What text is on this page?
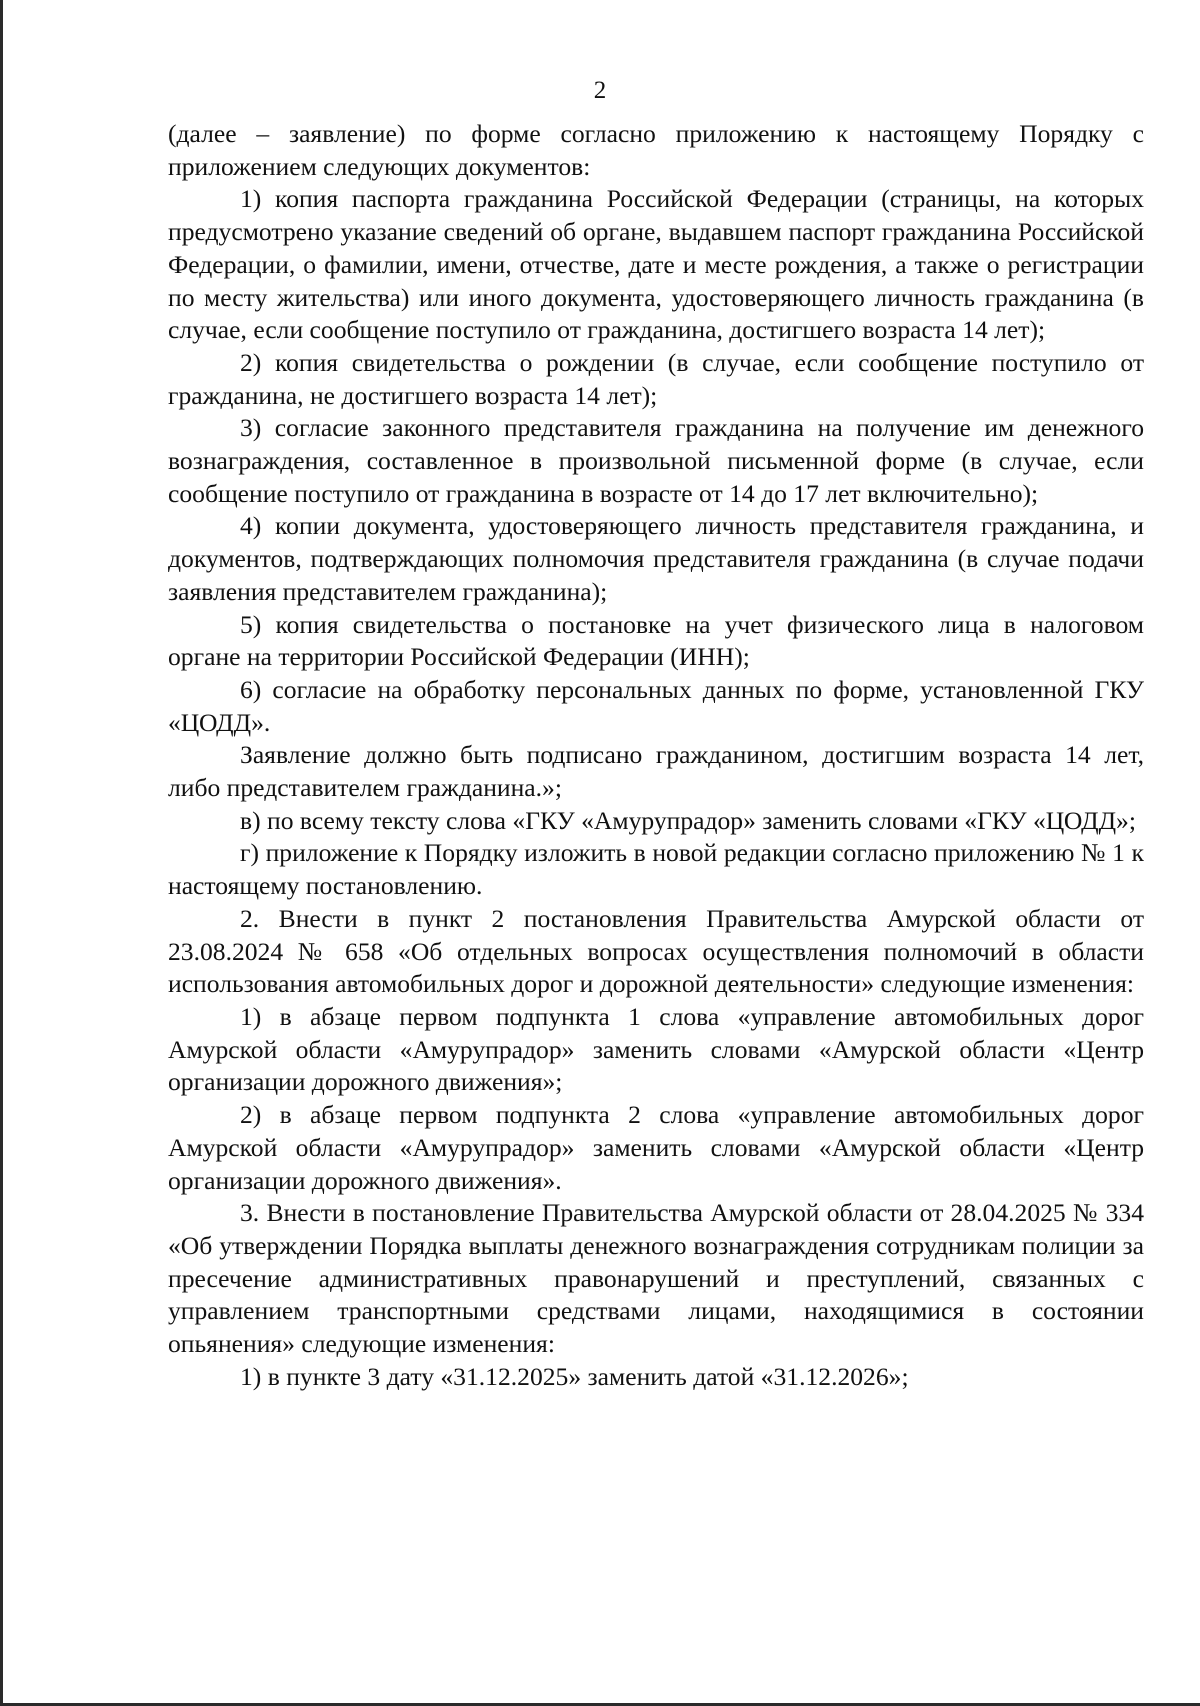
2

(далее – заявление) по форме согласно приложению к настоящему Порядку с приложением следующих документов:

1) копия паспорта гражданина Российской Федерации (страницы, на которых предусмотрено указание сведений об органе, выдавшем паспорт гражданина Российской Федерации, о фамилии, имени, отчестве, дате и месте рождения, а также о регистрации по месту жительства) или иного документа, удостоверяющего личность гражданина (в случае, если сообщение поступило от гражданина, достигшего возраста 14 лет);

2) копия свидетельства о рождении (в случае, если сообщение поступило от гражданина, не достигшего возраста 14 лет);

3) согласие законного представителя гражданина на получение им денежного вознаграждения, составленное в произвольной письменной форме (в случае, если сообщение поступило от гражданина в возрасте от 14 до 17 лет включительно);

4) копии документа, удостоверяющего личность представителя гражданина, и документов, подтверждающих полномочия представителя гражданина (в случае подачи заявления представителем гражданина);

5) копия свидетельства о постановке на учет физического лица в налоговом органе на территории Российской Федерации (ИНН);

6) согласие на обработку персональных данных по форме, установленной ГКУ «ЦОДД».

Заявление должно быть подписано гражданином, достигшим возраста 14 лет, либо представителем гражданина.»;

в) по всему тексту слова «ГКУ «Амурупрадор» заменить словами «ГКУ «ЦОДД»;

г) приложение к Порядку изложить в новой редакции согласно приложению № 1 к настоящему постановлению.

2. Внести в пункт 2 постановления Правительства Амурской области от 23.08.2024 № 658 «Об отдельных вопросах осуществления полномочий в области использования автомобильных дорог и дорожной деятельности» следующие изменения:

1) в абзаце первом подпункта 1 слова «управление автомобильных дорог Амурской области «Амурупрадор» заменить словами «Амурской области «Центр организации дорожного движения»;

2) в абзаце первом подпункта 2 слова «управление автомобильных дорог Амурской области «Амурупрадор» заменить словами «Амурской области «Центр организации дорожного движения».

3. Внести в постановление Правительства Амурской области от 28.04.2025 № 334 «Об утверждении Порядка выплаты денежного вознаграждения сотрудникам полиции за пресечение административных правонарушений и преступлений, связанных с управлением транспортными средствами лицами, находящимися в состоянии опьянения» следующие изменения:

1) в пункте 3 дату «31.12.2025» заменить датой «31.12.2026»;
